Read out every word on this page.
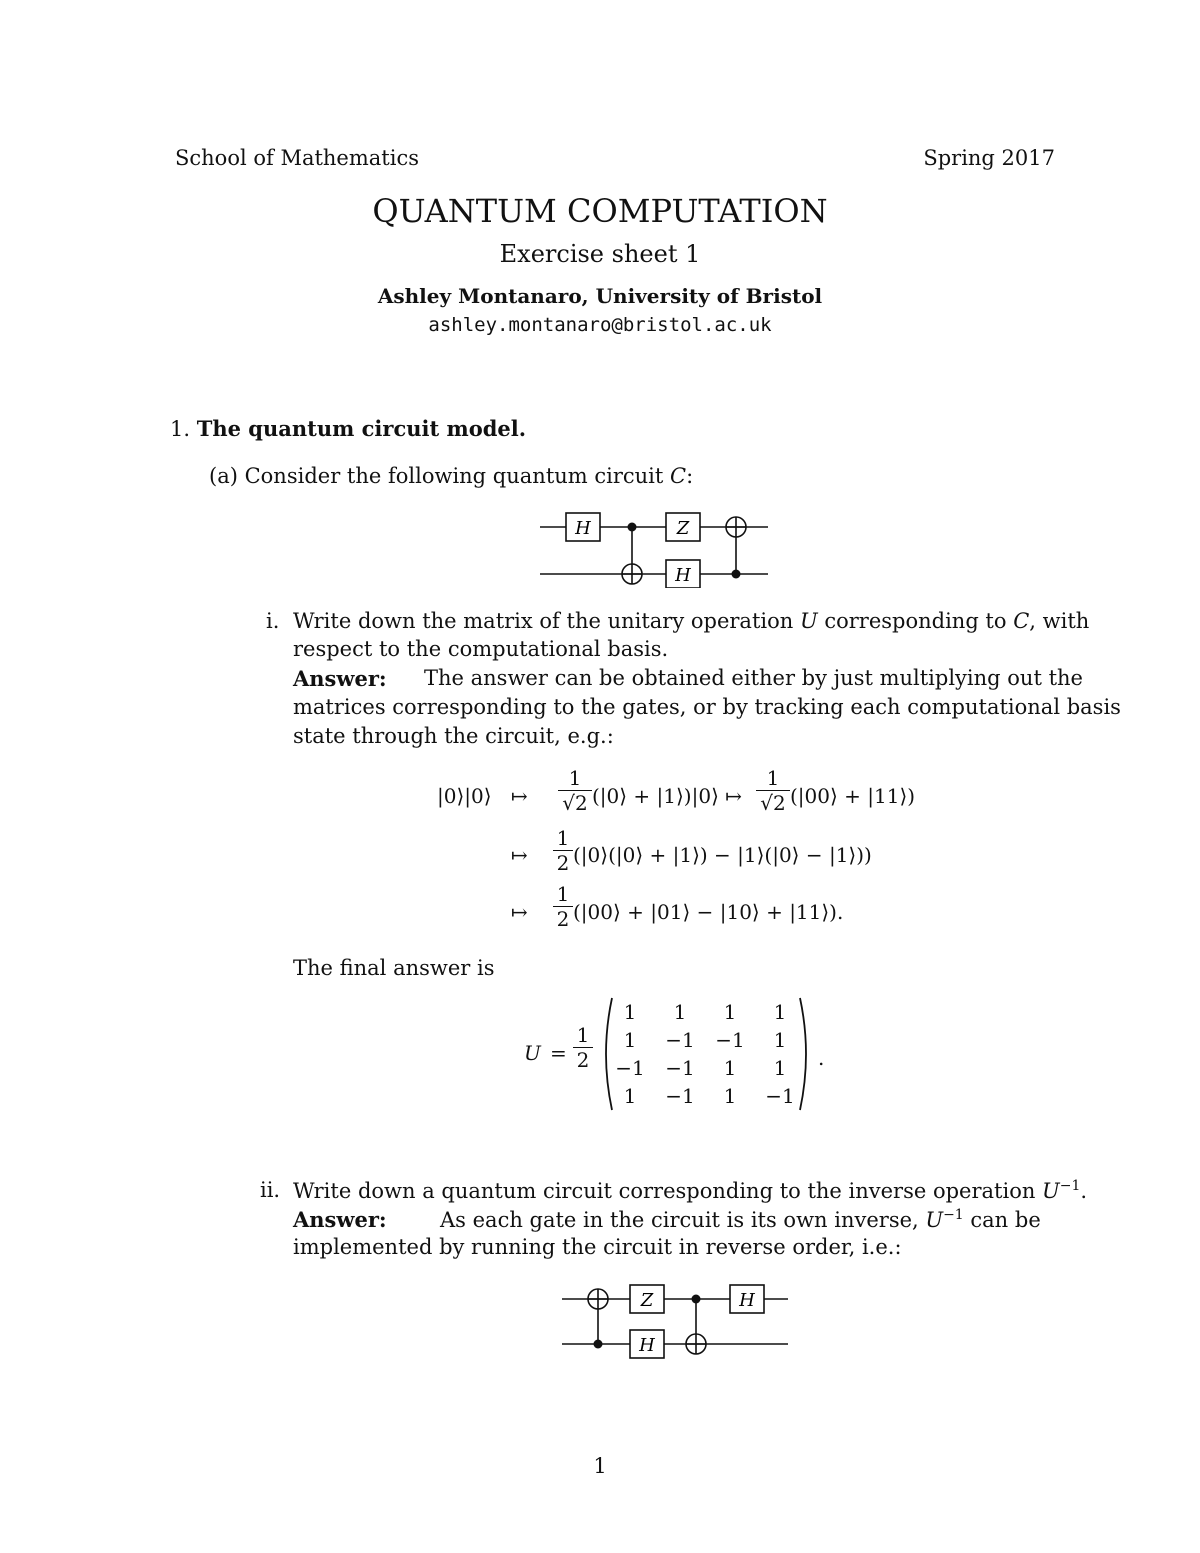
School of Mathematics	Spring 2017
QUANTUM COMPUTATION
Exercise sheet 1
Ashley Montanaro, University of Bristol
ashley.montanaro@bristol.ac.uk
1. The quantum circuit model.
(a) Consider the following quantum circuit C:
H	Z
H
i. Write down the matrix of the unitary operation U corresponding to C, with
respect to the computational basis.
Answer: The answer can be obtained either by just multiplying out the
matrices corresponding to the gates, or by tracking each computational basis
state through the circuit, e.g.:
|0⟩|0⟩ ↦
1
√2 (|0⟩ + |1⟩)|0⟩ ↦
1
√2 (|00⟩ + |11⟩)
↦
1
2 (|0⟩(|0⟩ + |1⟩) − |1⟩(|0⟩ − |1⟩))
↦
1
2 (|00⟩ + |01⟩ − |10⟩ + |11⟩).
The final answer is
U =
1
2
1	1	1	1
1	−1	−1	1
−1	−1	1	1
1	−1	1	−1
.
ii. Write down a quantum circuit corresponding to the inverse operation $U^{-1}$.
Answer:	As each gate in the circuit is its own inverse, $U^{-1}$ can be
implemented by running the circuit in reverse order, i.e.:
Z
H
H
1
